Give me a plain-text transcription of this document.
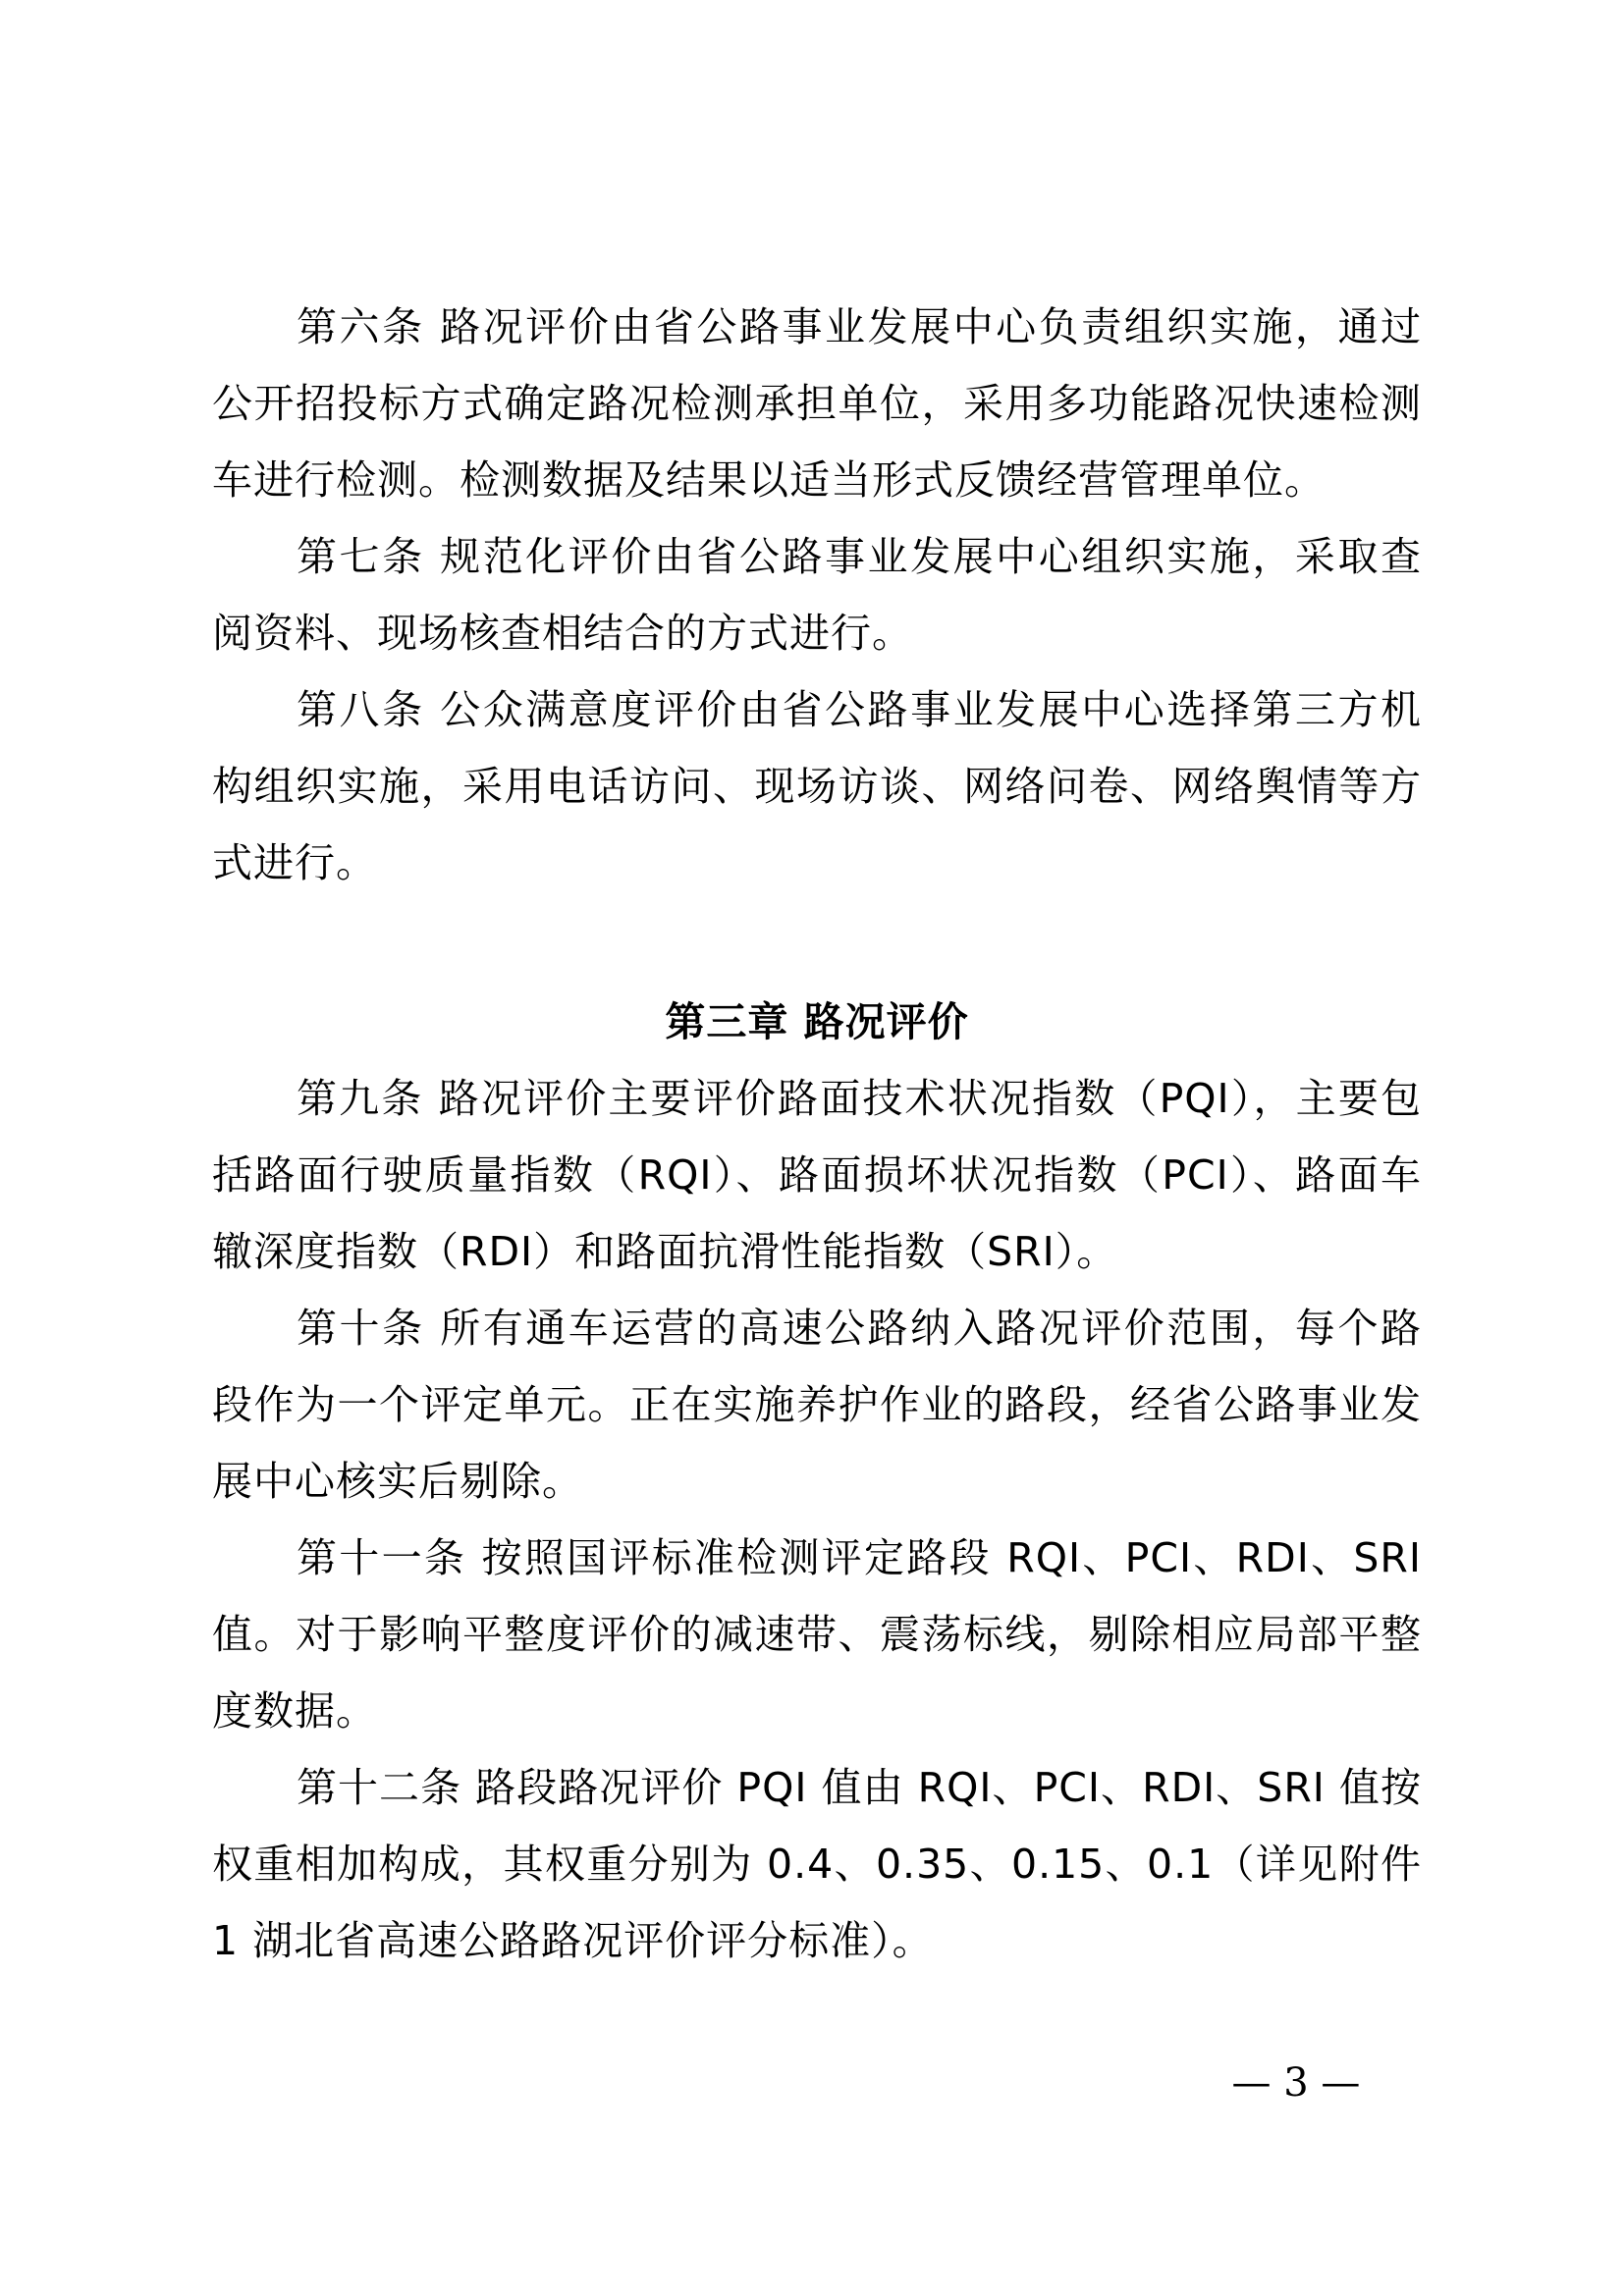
第六条 路况评价由省公路事业发展中心负责组织实施，通过公开招投标方式确定路况检测承担单位，采用多功能路况快速检测车进行检测。检测数据及结果以适当形式反馈经营管理单位。

第七条 规范化评价由省公路事业发展中心组织实施，采取查阅资料、现场核查相结合的方式进行。

第八条 公众满意度评价由省公路事业发展中心选择第三方机构组织实施，采用电话访问、现场访谈、网络问卷、网络舆情等方式进行。

第三章 路况评价

第九条 路况评价主要评价路面技术状况指数（PQI），主要包括路面行驶质量指数（RQI）、路面损坏状况指数（PCI）、路面车辙深度指数（RDI）和路面抗滑性能指数（SRI）。

第十条 所有通车运营的高速公路纳入路况评价范围，每个路段作为一个评定单元。正在实施养护作业的路段，经省公路事业发展中心核实后剔除。

第十一条 按照国评标准检测评定路段 RQI、PCI、RDI、SRI 值。对于影响平整度评价的减速带、震荡标线，剔除相应局部平整度数据。

第十二条 路段路况评价 PQI 值由 RQI、PCI、RDI、SRI 值按权重相加构成，其权重分别为 0.4、0.35、0.15、0.1（详见附件 1 湖北省高速公路路况评价评分标准）。

— 3 —
